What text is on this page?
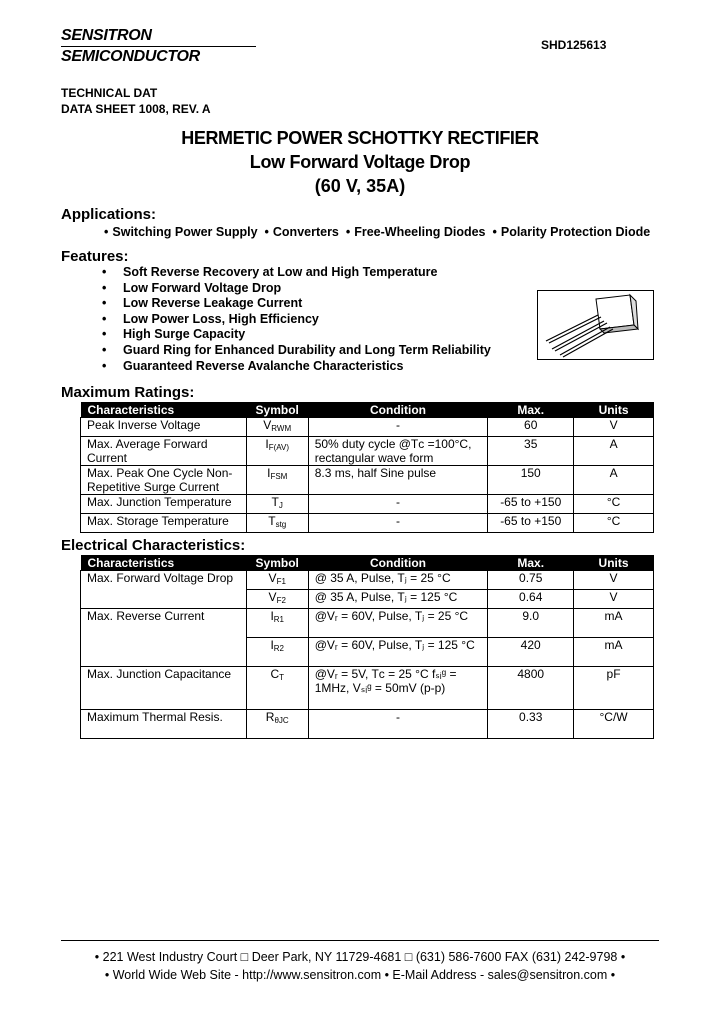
SENSITRON
SEMICONDUCTOR
SHD125613
TECHNICAL DAT
DATA SHEET 1008, REV. A
HERMETIC POWER SCHOTTKY RECTIFIER
Low Forward Voltage Drop
(60 V, 35A)
Applications:
• Switching Power Supply • Converters • Free-Wheeling Diodes • Polarity Protection Diode
Features:
• Soft Reverse Recovery at Low and High Temperature
• Low Forward Voltage Drop
• Low Reverse Leakage Current
• Low Power Loss, High Efficiency
• High Surge Capacity
• Guard Ring for Enhanced Durability and Long Term Reliability
• Guaranteed Reverse Avalanche Characteristics
Maximum Ratings:
Characteristics	Symbol	Condition	Max.	Units
Peak Inverse Voltage	$V_{RWM}$	-	60	V
Max. Average Forward Current	$I_{F(AV)}$	50% duty cycle @Tᴄ =100°C, rectangular wave form	35	A
Max. Peak One Cycle Non-Repetitive Surge Current	$I_{FSM}$	8.3 ms, half Sine pulse	150	A
Max. Junction Temperature	$T_J$	-	-65 to +150	°C
Max. Storage Temperature	$T_{stg}$	-	-65 to +150	°C
Electrical Characteristics:
Characteristics	Symbol	Condition	Max.	Units
Max. Forward Voltage Drop	$V_{F1}$	@ 35 A, Pulse, Tⱼ = 25 °C	0.75	V
	$V_{F2}$	@ 35 A, Pulse, Tⱼ = 125 °C	0.64	V
Max. Reverse Current	$I_{R1}$	@Vᵣ = 60V, Pulse, Tⱼ = 25 °C	9.0	mA
	$I_{R2}$	@Vᵣ = 60V, Pulse, Tⱼ = 125 °C	420	mA
Max. Junction Capacitance	$C_T$	@Vᵣ = 5V, Tᴄ = 25 °C fₛᵢᵍ = 1MHz, Vₛᵢᵍ = 50mV (p-p)	4800	pF
Maximum Thermal Resis.	$R_{\theta JC}$	-	0.33	°C/W
• 221 West Industry Court □ Deer Park, NY 11729-4681 □ (631) 586-7600 FAX (631) 242-9798 •
• World Wide Web Site - http://www.sensitron.com • E-Mail Address - sales@sensitron.com •
